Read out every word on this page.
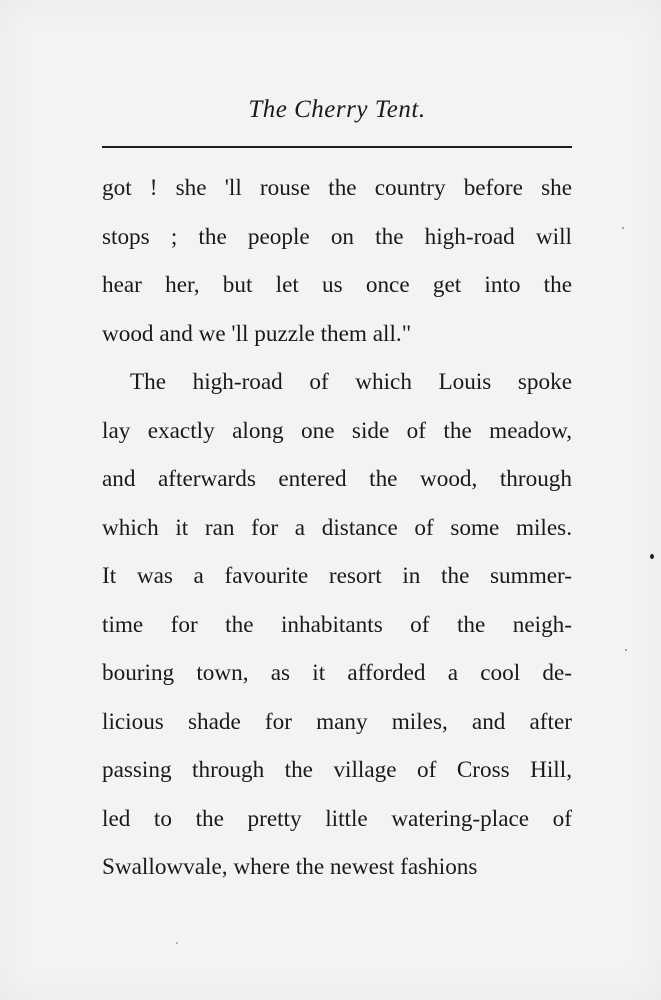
The Cherry Tent.
got ! she 'll rouse the country before she
stops ; the people on the high-road will
hear her, but let us once get into the
wood and we 'll puzzle them all."
The high-road of which Louis spoke
lay exactly along one side of the meadow,
and afterwards entered the wood, through
which it ran for a distance of some miles.
It was a favourite resort in the summer-
time for the inhabitants of the neigh-
bouring town, as it afforded a cool de-
licious shade for many miles, and after
passing through the village of Cross Hill,
led to the pretty little watering-place of
Swallowvale, where the newest fashions
